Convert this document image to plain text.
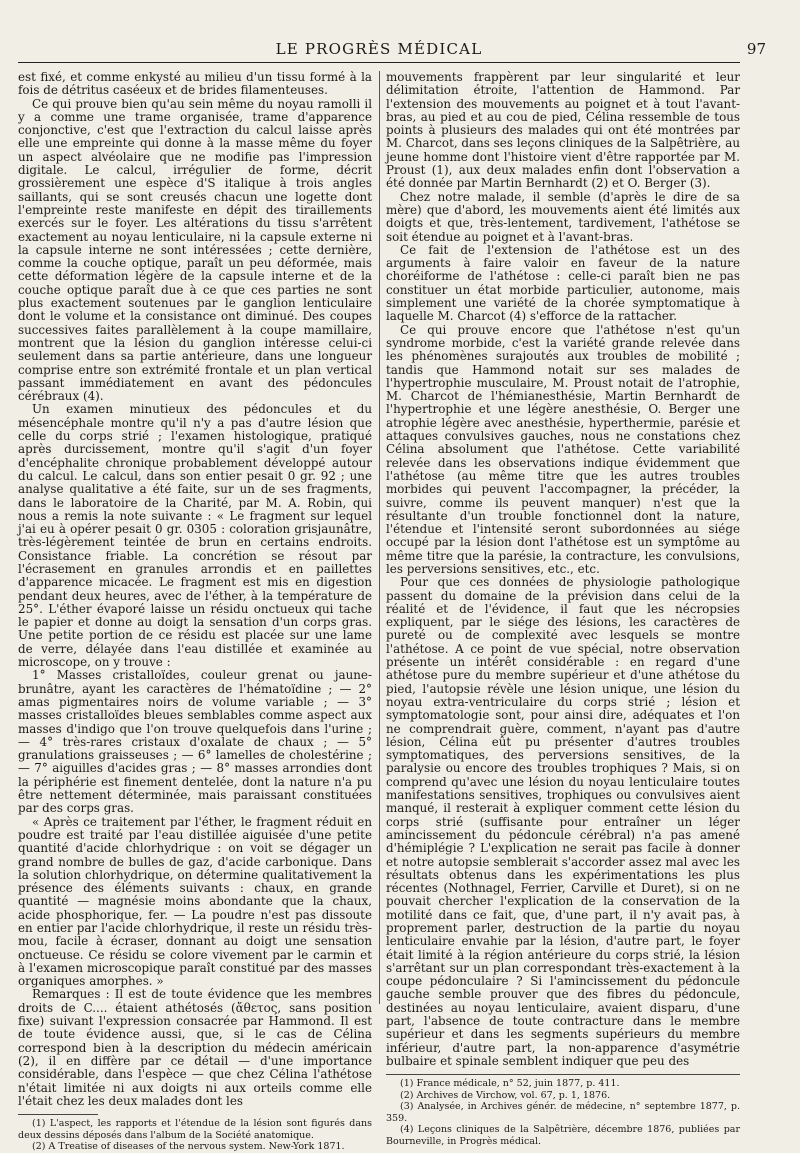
LE PROGRÈS MÉDICAL	97

est fixé, et comme enkysté au milieu d'un tissu formé à la fois de détritus caséeux et de brides filamenteuses.

Ce qui prouve bien qu'au sein même du noyau ramolli il y a comme une trame organisée, trame d'apparence conjonctive, c'est que l'extraction du calcul laisse après elle une empreinte qui donne à la masse même du foyer un aspect alvéolaire que ne modifie pas l'impression digitale. Le calcul, irrégulier de forme, décrit grossièrement une espèce d'S italique à trois angles saillants, qui se sont creusés chacun une logette dont l'empreinte reste manifeste en dépit des tiraillements exercés sur le foyer. Les altérations du tissu s'arrêtent exactement au noyau lenticulaire, ni la capsule externe ni la capsule interne ne sont intéressées ; cette dernière, comme la couche optique, paraît un peu déformée, mais cette déformation légère de la capsule interne et de la couche optique paraît due à ce que ces parties ne sont plus exactement soutenues par le ganglion lenticulaire dont le volume et la consistance ont diminué. Des coupes successives faites parallèlement à la coupe mamillaire, montrent que la lésion du ganglion intéresse celui-ci seulement dans sa partie antérieure, dans une longueur comprise entre son extrémité frontale et un plan vertical passant immédiatement en avant des pédoncules cérébraux (4).

Un examen minutieux des pédoncules et du mésencéphale montre qu'il n'y a pas d'autre lésion que celle du corps strié ; l'examen histologique, pratiqué après durcissement, montre qu'il s'agit d'un foyer d'encéphalite chronique probablement développé autour du calcul. Le calcul, dans son entier pesait 0 gr. 92 ; une analyse qualitative a été faite, sur un de ses fragments, dans le laboratoire de la Charité, par M. A. Robin, qui nous a remis la note suivante : « Le fragment sur lequel j'ai eu à opérer pesait 0 gr. 0305 : coloration grisjaunâtre, très-légèrement teintée de brun en certains endroits. Consistance friable. La concrétion se résout par l'écrasement en granules arrondis et en paillettes d'apparence micacée. Le fragment est mis en digestion pendant deux heures, avec de l'éther, à la température de 25°. L'éther évaporé laisse un résidu onctueux qui tache le papier et donne au doigt la sensation d'un corps gras. Une petite portion de ce résidu est placée sur une lame de verre, délayée dans l'eau distillée et examinée au microscope, on y trouve :

1° Masses cristalloïdes, couleur grenat ou jaune-brunâtre, ayant les caractères de l'hématoïdine ; — 2° amas pigmentaires noirs de volume variable ; — 3° masses cristalloïdes bleues semblables comme aspect aux masses d'indigo que l'on trouve quelquefois dans l'urine ; — 4° très-rares cristaux d'oxalate de chaux ; — 5° granulations graisseuses ; — 6° lamelles de cholestérine ; — 7° aiguilles d'acides gras ; — 8° masses arrondies dont la périphérie est finement dentelée, dont la nature n'a pu être nettement déterminée, mais paraissant constituées par des corps gras.

« Après ce traitement par l'éther, le fragment réduit en poudre est traité par l'eau distillée aiguisée d'une petite quantité d'acide chlorhydrique : on voit se dégager un grand nombre de bulles de gaz, d'acide carbonique. Dans la solution chlorhydrique, on détermine qualitativement la présence des éléments suivants : chaux, en grande quantité — magnésie moins abondante que la chaux, acide phosphorique, fer. — La poudre n'est pas dissoute en entier par l'acide chlorhydrique, il reste un résidu très-mou, facile à écraser, donnant au doigt une sensation onctueuse. Ce résidu se colore vivement par le carmin et à l'examen microscopique paraît constitué par des masses organiques amorphes. »

Remarques : Il est de toute évidence que les membres droits de C.... étaient athétosés (ἄθετος, sans position fixe) suivant l'expression consacrée par Hammond. Il est de toute évidence aussi, que, si le cas de Célina correspond bien à la description du médecin américain (2), il en diffère par ce détail — d'une importance considérable, dans l'espèce — que chez Célina l'athétose n'était limitée ni aux doigts ni aux orteils comme elle l'était chez les deux malades dont les

(1) L'aspect, les rapports et l'étendue de la lésion sont figurés dans deux dessins déposés dans l'album de la Société anatomique.

(2) A Treatise of diseases of the nervous system. New-York 1871.

mouvements frappèrent par leur singularité et leur délimitation étroite, l'attention de Hammond. Par l'extension des mouvements au poignet et à tout l'avant-bras, au pied et au cou de pied, Célina ressemble de tous points à plusieurs des malades qui ont été montrées par M. Charcot, dans ses leçons cliniques de la Salpêtrière, au jeune homme dont l'histoire vient d'être rapportée par M. Proust (1), aux deux malades enfin dont l'observation a été donnée par Martin Bernhardt (2) et O. Berger (3).

Chez notre malade, il semble (d'après le dire de sa mère) que d'abord, les mouvements aient été limités aux doigts et que, très-lentement, tardivement, l'athétose se soit étendue au poignet et à l'avant-bras.

Ce fait de l'extension de l'athétose est un des arguments à faire valoir en faveur de la nature choréiforme de l'athétose : celle-ci paraît bien ne pas constituer un état morbide particulier, autonome, mais simplement une variété de la chorée symptomatique à laquelle M. Charcot (4) s'efforce de la rattacher.

Ce qui prouve encore que l'athétose n'est qu'un syndrome morbide, c'est la variété grande relevée dans les phénomènes surajoutés aux troubles de mobilité ; tandis que Hammond notait sur ses malades de l'hypertrophie musculaire, M. Proust notait de l'atrophie, M. Charcot de l'hémianesthésie, Martin Bernhardt de l'hypertrophie et une légère anesthésie, O. Berger une atrophie légère avec anesthésie, hyperthermie, parésie et attaques convulsives gauches, nous ne constations chez Célina absolument que l'athétose. Cette variabilité relevée dans les observations indique évidemment que l'athétose (au même titre que les autres troubles morbides qui peuvent l'accompagner, la précéder, la suivre, comme ils peuvent manquer) n'est que la résultante d'un trouble fonctionnel dont la nature, l'étendue et l'intensité seront subordonnées au siége occupé par la lésion dont l'athétose est un symptôme au même titre que la parésie, la contracture, les convulsions, les perversions sensitives, etc., etc.

Pour que ces données de physiologie pathologique passent du domaine de la prévision dans celui de la réalité et de l'évidence, il faut que les nécropsies expliquent, par le siége des lésions, les caractères de pureté ou de complexité avec lesquels se montre l'athétose. A ce point de vue spécial, notre observation présente un intérêt considérable : en regard d'une athétose pure du membre supérieur et d'une athétose du pied, l'autopsie révèle une lésion unique, une lésion du noyau extra-ventriculaire du corps strié ; lésion et symptomatologie sont, pour ainsi dire, adéquates et l'on ne comprendrait guère, comment, n'ayant pas d'autre lésion, Célina eût pu présenter d'autres troubles symptomatiques, des perversions sensitives, de la paralysie ou encore des troubles trophiques ? Mais, si on comprend qu'avec une lésion du noyau lenticulaire toutes manifestations sensitives, trophiques ou convulsives aient manqué, il resterait à expliquer comment cette lésion du corps strié (suffisante pour entraîner un léger amincissement du pédoncule cérébral) n'a pas amené d'hémiplégie ? L'explication ne serait pas facile à donner et notre autopsie semblerait s'accorder assez mal avec les résultats obtenus dans les expérimentations les plus récentes (Nothnagel, Ferrier, Carville et Duret), si on ne pouvait chercher l'explication de la conservation de la motilité dans ce fait, que, d'une part, il n'y avait pas, à proprement parler, destruction de la partie du noyau lenticulaire envahie par la lésion, d'autre part, le foyer était limité à la région antérieure du corps strié, la lésion s'arrêtant sur un plan correspondant très-exactement à la coupe pédonculaire ? Si l'amincissement du pédoncule gauche semble prouver que des fibres du pédoncule, destinées au noyau lenticulaire, avaient disparu, d'une part, l'absence de toute contracture dans le membre supérieur et dans les segments supérieurs du membre inférieur, d'autre part, la non-apparence d'asymétrie bulbaire et spinale semblent indiquer que peu des

(1) France médicale, n° 52, juin 1877, p. 411.

(2) Archives de Virchow, vol. 67, p. 1, 1876.

(3) Analysée, in Archives génér. de médecine, n° septembre 1877, p. 359.

(4) Leçons cliniques de la Salpêtrière, décembre 1876, publiées par Bourneville, in Progrès médical.
